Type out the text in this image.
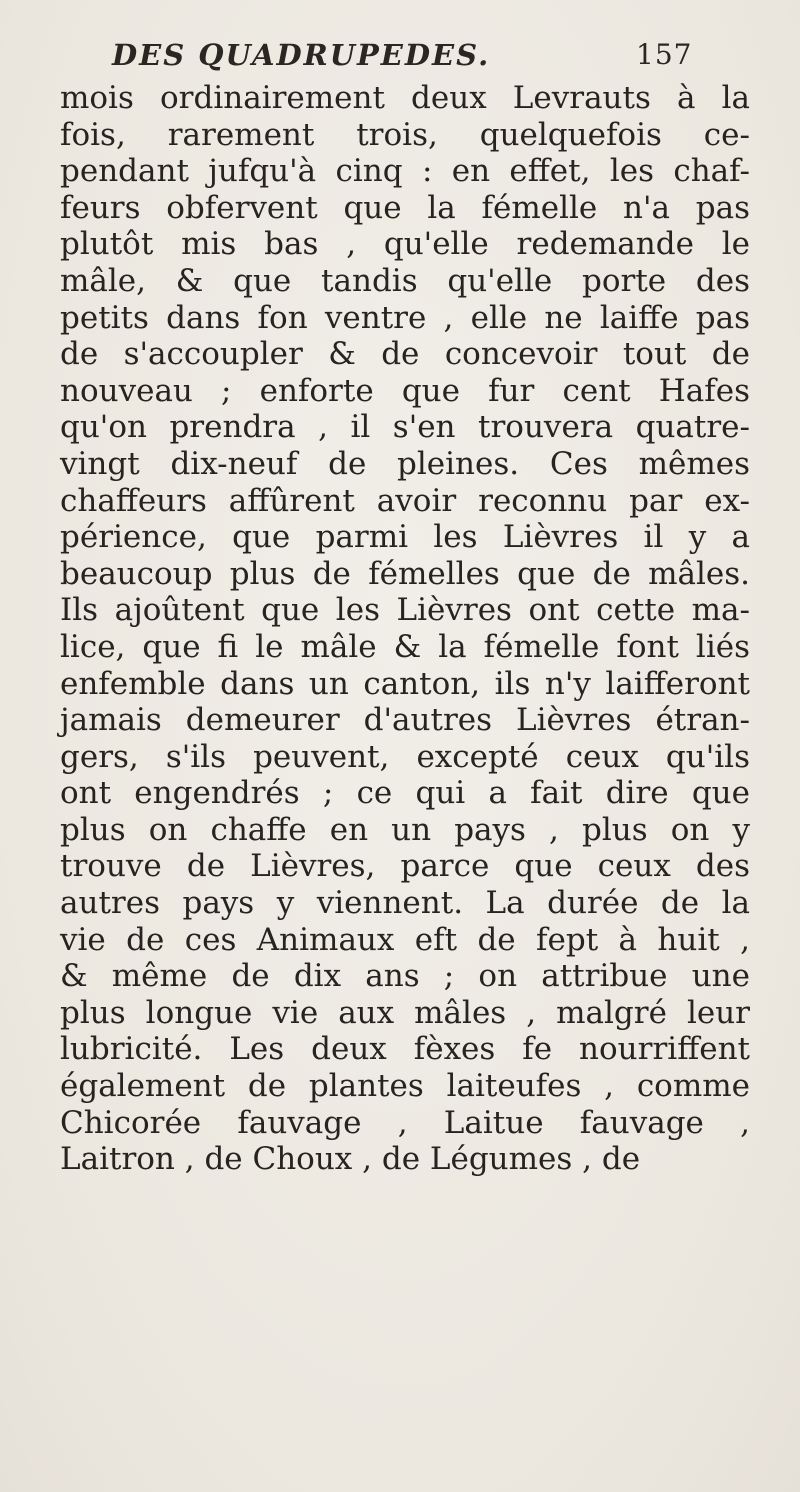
DES QUADRUPEDES.	157
mois ordinairement deux Levrauts à la
fois, rarement trois, quelquefois ce-
pendant jufqu'à cinq : en effet, les chaf-
feurs obfervent que la fémelle n'a pas
plutôt mis bas , qu'elle redemande le
mâle, & que tandis qu'elle porte des
petits dans fon ventre , elle ne laiffe pas
de s'accoupler & de concevoir tout de
nouveau ; enforte que fur cent Hafes
qu'on prendra , il s'en trouvera quatre-
vingt dix-neuf de pleines. Ces mêmes
chaffeurs affûrent avoir reconnu par ex-
périence, que parmi les Lièvres il y a
beaucoup plus de fémelles que de mâles.
Ils ajoûtent que les Lièvres ont cette ma-
lice, que fi le mâle & la fémelle font liés
enfemble dans un canton, ils n'y laifferont
jamais demeurer d'autres Lièvres étran-
gers, s'ils peuvent, excepté ceux qu'ils
ont engendrés ; ce qui a fait dire que
plus on chaffe en un pays , plus on y
trouve de Lièvres, parce que ceux des
autres pays y viennent. La durée de la
vie de ces Animaux eft de fept à huit ,
& même de dix ans ; on attribue une
plus longue vie aux mâles , malgré leur
lubricité. Les deux fèxes fe nourriffent
également de plantes laiteufes , comme
Chicorée fauvage , Laitue fauvage ,
Laitron , de Choux , de Légumes , de
